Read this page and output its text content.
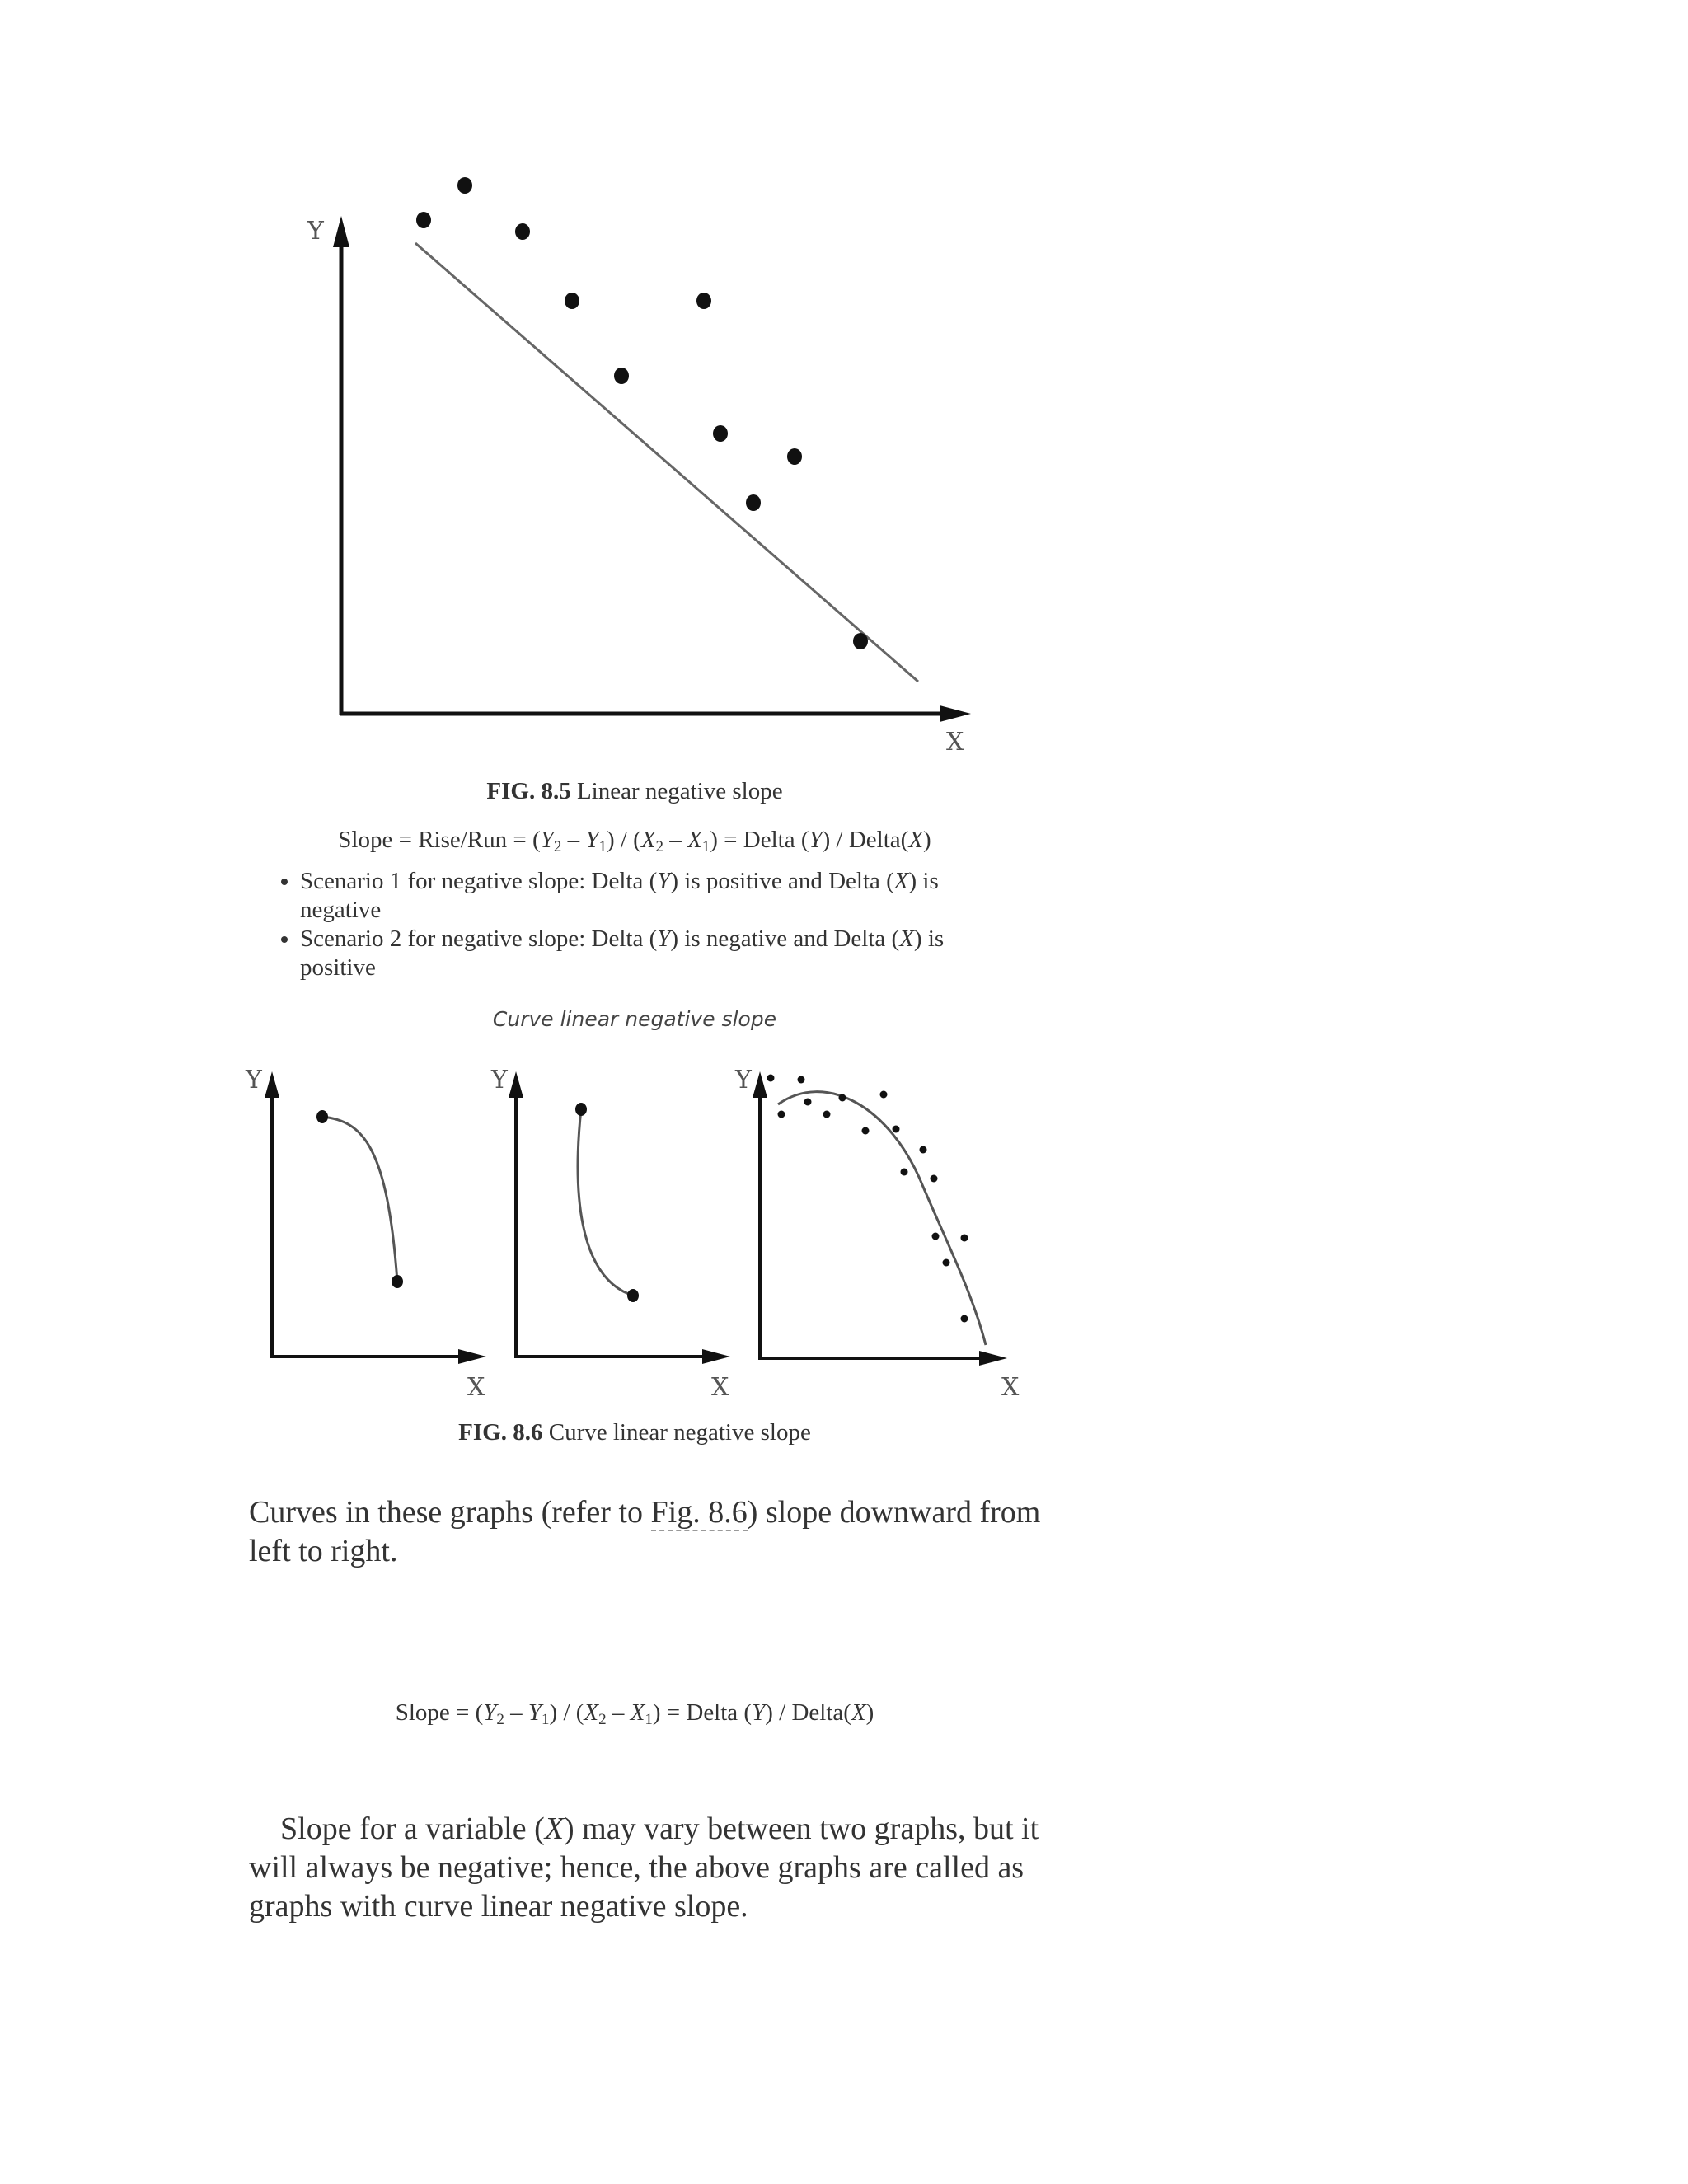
Y
X
FIG. 8.5 Linear negative slope
Slope = Rise/Run = $(Y_2 - Y_1) / (X_2 - X_1)$ = Delta (Y) / Delta(X)
• Scenario 1 for negative slope: Delta (Y) is positive and Delta (X) is negative
• Scenario 2 for negative slope: Delta (Y) is negative and Delta (X) is positive
Curve linear negative slope
Y
X
Y
X
Y
X
FIG. 8.6 Curve linear negative slope
Curves in these graphs (refer to Fig. 8.6) slope downward from left to right.
Slope = $(Y_2 - Y_1) / (X_2 - X_1)$ = Delta (Y) / Delta(X)
Slope for a variable (X) may vary between two graphs, but it will always be negative; hence, the above graphs are called as graphs with curve linear negative slope.
